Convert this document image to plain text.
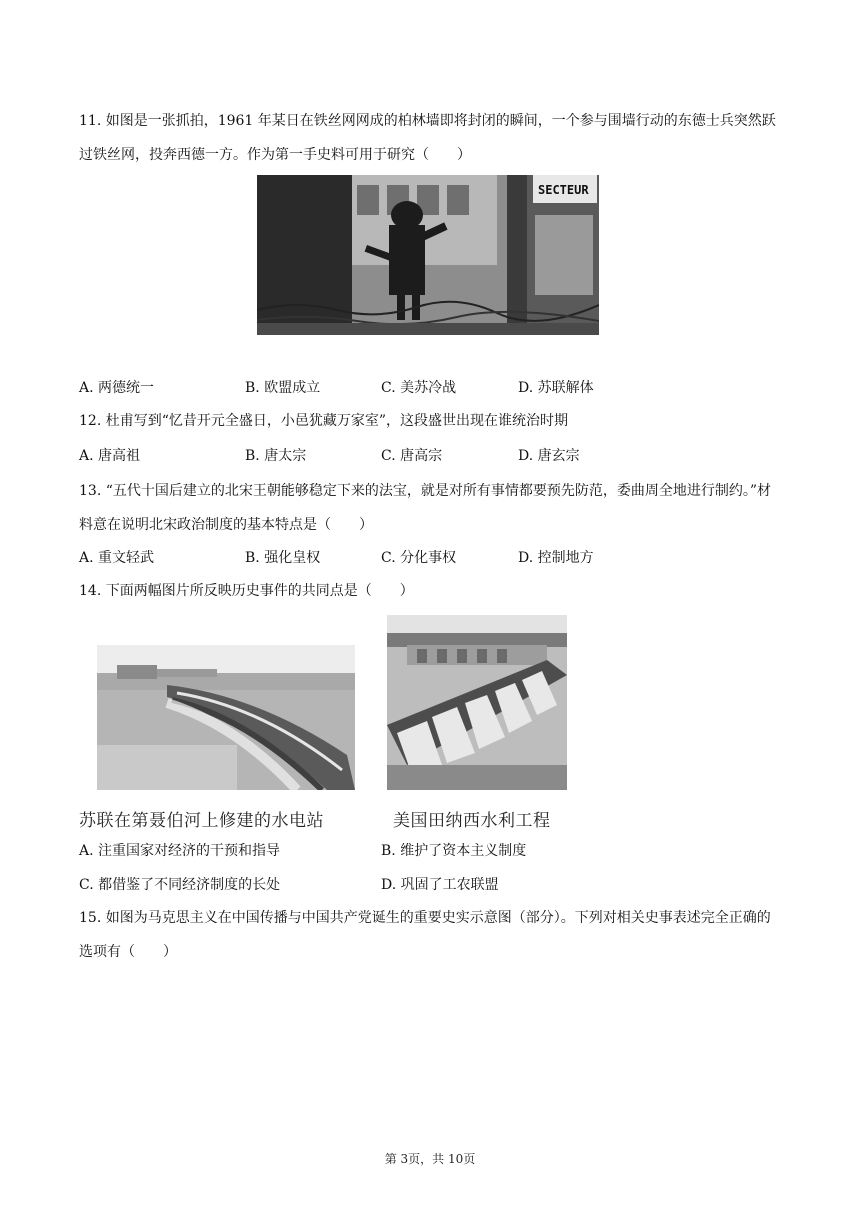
11. 如图是一张抓拍，1961 年某日在铁丝网网成的柏林墙即将封闭的瞬间，一个参与围墙行动的东德士兵突然跃过铁丝网，投奔西德一方。作为第一手史料可用于研究（　　）

SECTEUR
A. 两德统一	B. 欧盟成立	C. 美苏冷战	D. 苏联解体

12. 杜甫写到“忆昔开元全盛日，小邑犹藏万家室”，这段盛世出现在谁统治时期

A. 唐高祖	B. 唐太宗	C. 唐高宗	D. 唐玄宗

13. “五代十国后建立的北宋王朝能够稳定下来的法宝，就是对所有事情都要预先防范，委曲周全地进行制约。”材料意在说明北宋政治制度的基本特点是（　　）

A. 重文轻武	B. 强化皇权	C. 分化事权	D. 控制地方

14. 下面两幅图片所反映历史事件的共同点是（　　）

苏联在第聂伯河上修建的水电站	美国田纳西水利工程
A. 注重国家对经济的干预和指导	B. 维护了资本主义制度
C. 都借鉴了不同经济制度的长处	D. 巩固了工农联盟

15. 如图为马克思主义在中国传播与中国共产党诞生的重要史实示意图（部分）。下列对相关史事表述完全正确的选项有（　　）

第 3页，共 10页
